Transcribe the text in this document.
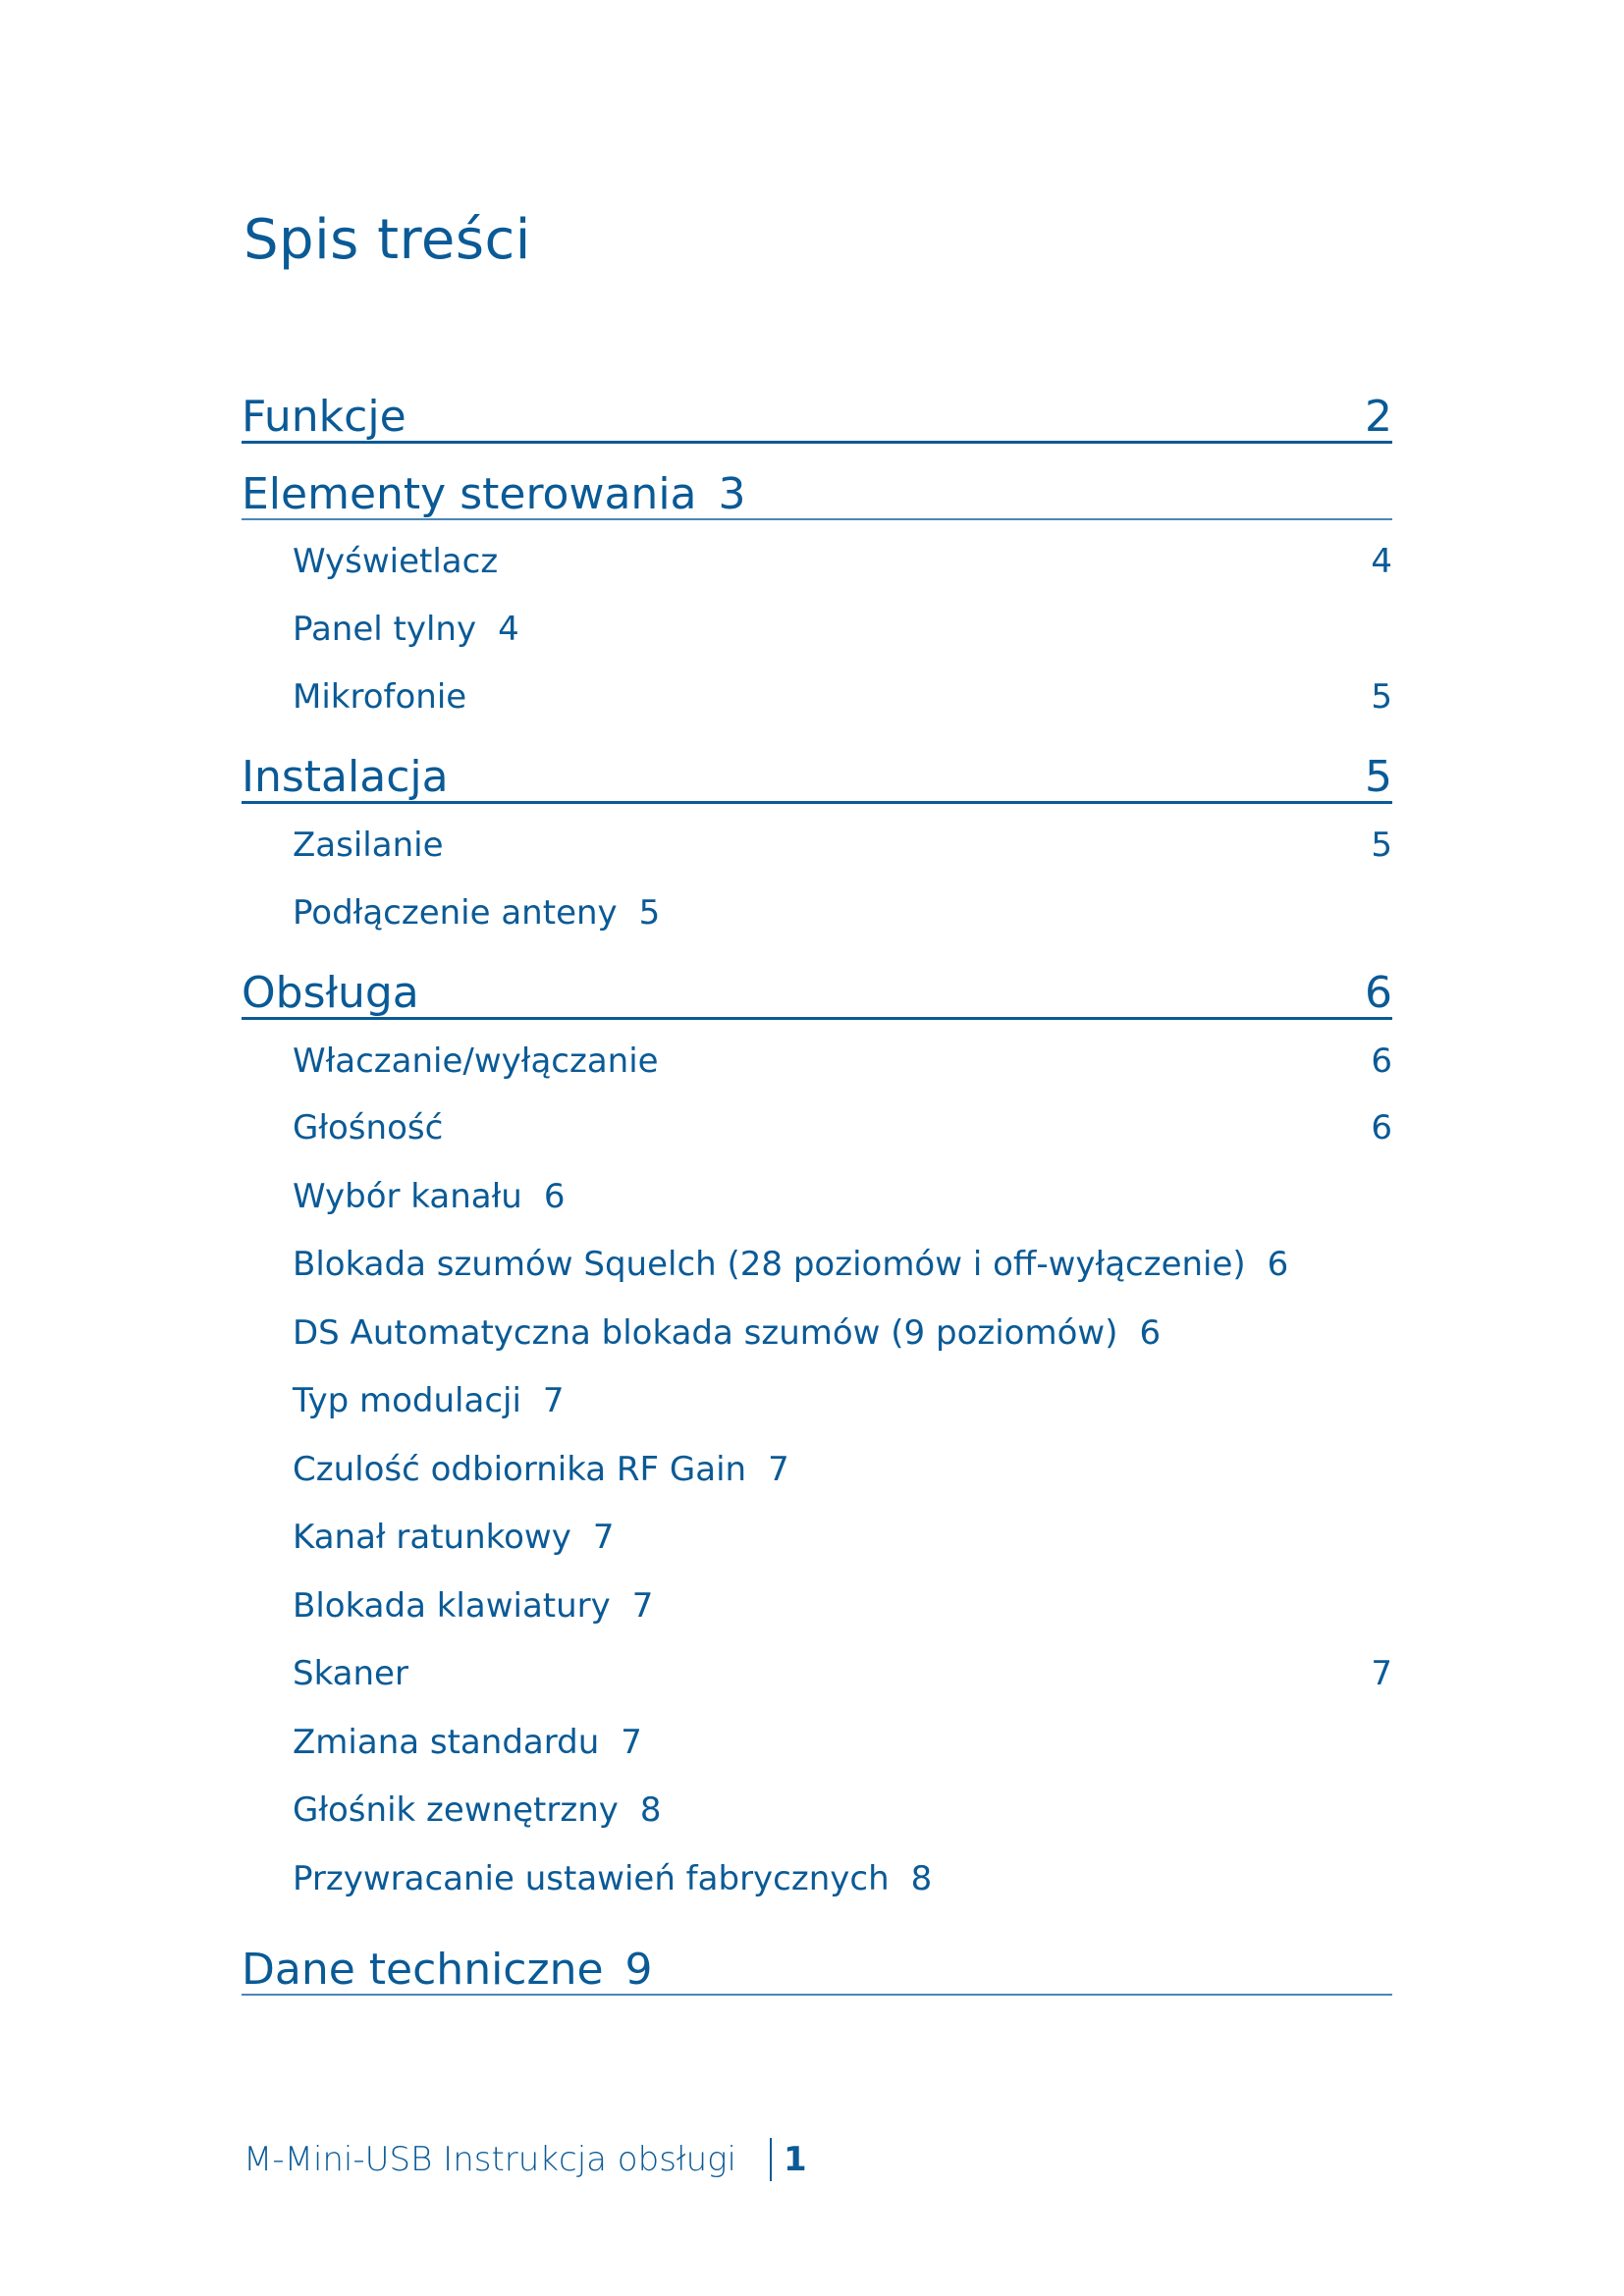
Spis treści
Funkcje	2
Elementy sterowania 3
Wyświetlacz	4
Panel tylny 4
Mikrofonie	5
Instalacja	5
Zasilanie	5
Podłączenie anteny 5
Obsługa	6
Właczanie/wyłączanie	6
Głośność	6
Wybór kanału 6
Blokada szumów Squelch (28 poziomów i off-wyłączenie) 6
DS Automatyczna blokada szumów (9 poziomów) 6
Typ modulacji 7
Czulość odbiornika RF Gain 7
Kanał ratunkowy 7
Blokada klawiatury 7
Skaner	7
Zmiana standardu 7
Głośnik zewnętrzny 8
Przywracanie ustawień fabrycznych 8
Dane techniczne 9
M-Mini-USB Instrukcja obsługi 1
